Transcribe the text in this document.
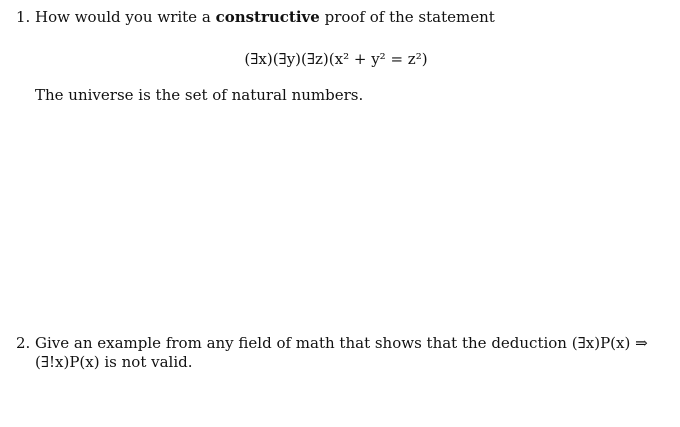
1. How would you write a constructive proof of the statement
(∃x)(∃y)(∃z)(x² + y² = z²)
The universe is the set of natural numbers.
2. Give an example from any field of math that shows that the deduction (∃x)P(x) ⇒
(∃!x)P(x) is not valid.
